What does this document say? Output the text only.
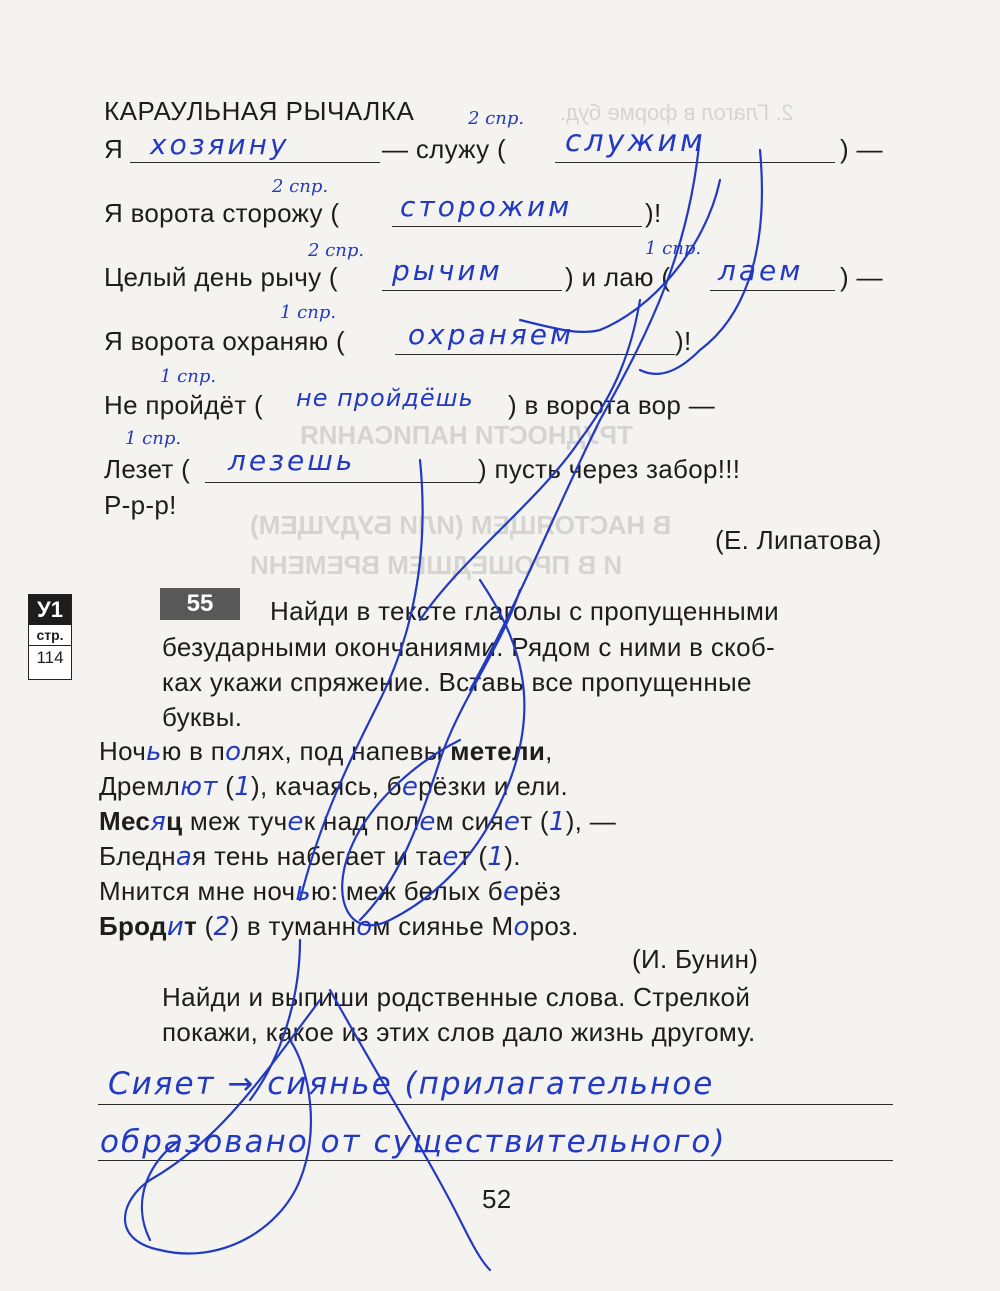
2. Глагол в форме буд.
ТРУДНОСТИ НАПИСАНИЯ
В НАСТОЯЩЕМ (ИЛИ БУДУЩЕМ)
И В ПРОШЕДШЕМ ВРЕМЕНИ
КАРАУЛЬНАЯ РЫЧАЛКА
Я хозяину	— служу ( служим	) —
2 спр.
Я ворота сторожу ( сторожим	)!
2 спр.
Целый день рычу ( рычим ) и лаю ( лаем ) —
2 спр.	1 спр.
Я ворота охраняю ( охраняем	)!
1 спр.
Не пройдёт ( не пройдёшь ) в ворота вор —
1 спр.
Лезет ( лезешь	) пусть через забор!!!
1 спр.
Р-р-р!
(Е. Липатова)
У1
стр.
114
55	Найди в тексте глаголы с пропущенными
безударными окончаниями. Рядом с ними в скоб-
ках укажи спряжение. Вставь все пропущенные
буквы.
Ночью в полях, под напевы метели,
Дремлют (1), качаясь, берёзки и ели.
Месяц меж тучек над полем сияет (1), —
Бледная тень набегает и тает (1).
Мнится мне ночью: меж белых берёз
Бродит (2) в туманном сиянье Мороз.
(И. Бунин)
Найди и выпиши родственные слова. Стрелкой
покажи, какое из этих слов дало жизнь другому.
Сияет → сиянье (прилагательное
образовано от существительного)
52
